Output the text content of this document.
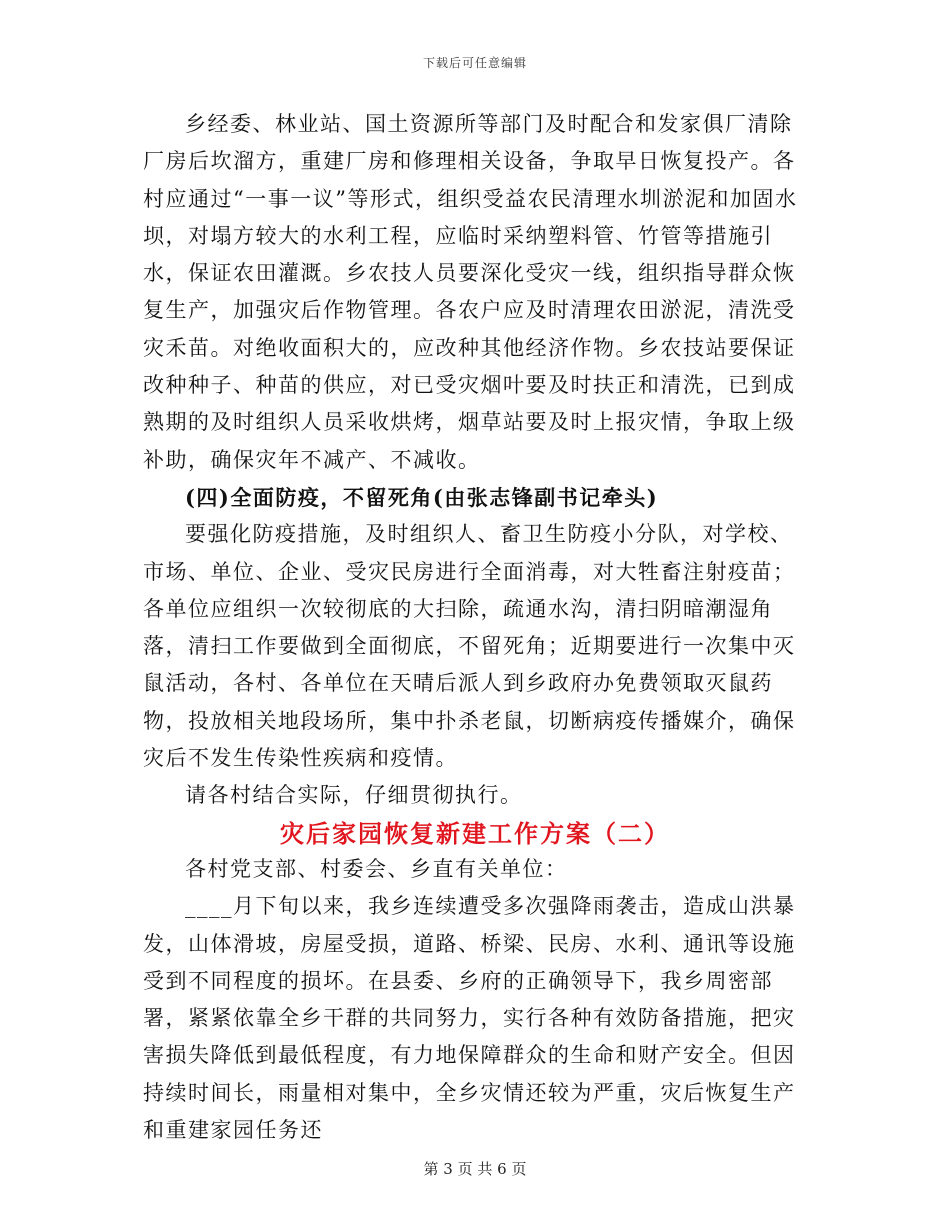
下载后可任意编辑

乡经委、林业站、国土资源所等部门及时配合和发家俱厂清除厂房后坎溜方，重建厂房和修理相关设备，争取早日恢复投产。各村应通过“一事一议”等形式，组织受益农民清理水圳淤泥和加固水坝，对塌方较大的水利工程，应临时采纳塑料管、竹管等措施引水，保证农田灌溉。乡农技人员要深化受灾一线，组织指导群众恢复生产，加强灾后作物管理。各农户应及时清理农田淤泥，清洗受灾禾苗。对绝收面积大的，应改种其他经济作物。乡农技站要保证改种种子、种苗的供应，对已受灾烟叶要及时扶正和清洗，已到成熟期的及时组织人员采收烘烤，烟草站要及时上报灾情，争取上级补助，确保灾年不减产、不减收。

(四)全面防疫，不留死角(由张志锋副书记牵头)

要强化防疫措施，及时组织人、畜卫生防疫小分队，对学校、市场、单位、企业、受灾民房进行全面消毒，对大牲畜注射疫苗；各单位应组织一次较彻底的大扫除，疏通水沟，清扫阴暗潮湿角落，清扫工作要做到全面彻底，不留死角；近期要进行一次集中灭鼠活动，各村、各单位在天晴后派人到乡政府办免费领取灭鼠药物，投放相关地段场所，集中扑杀老鼠，切断病疫传播媒介，确保灾后不发生传染性疾病和疫情。

请各村结合实际，仔细贯彻执行。

灾后家园恢复新建工作方案（二）

各村党支部、村委会、乡直有关单位：

____月下旬以来，我乡连续遭受多次强降雨袭击，造成山洪暴发，山体滑坡，房屋受损，道路、桥梁、民房、水利、通讯等设施受到不同程度的损坏。在县委、乡府的正确领导下，我乡周密部署，紧紧依靠全乡干群的共同努力，实行各种有效防备措施，把灾害损失降低到最低程度，有力地保障群众的生命和财产安全。但因持续时间长，雨量相对集中，全乡灾情还较为严重，灾后恢复生产和重建家园任务还

第 3 页 共 6 页
